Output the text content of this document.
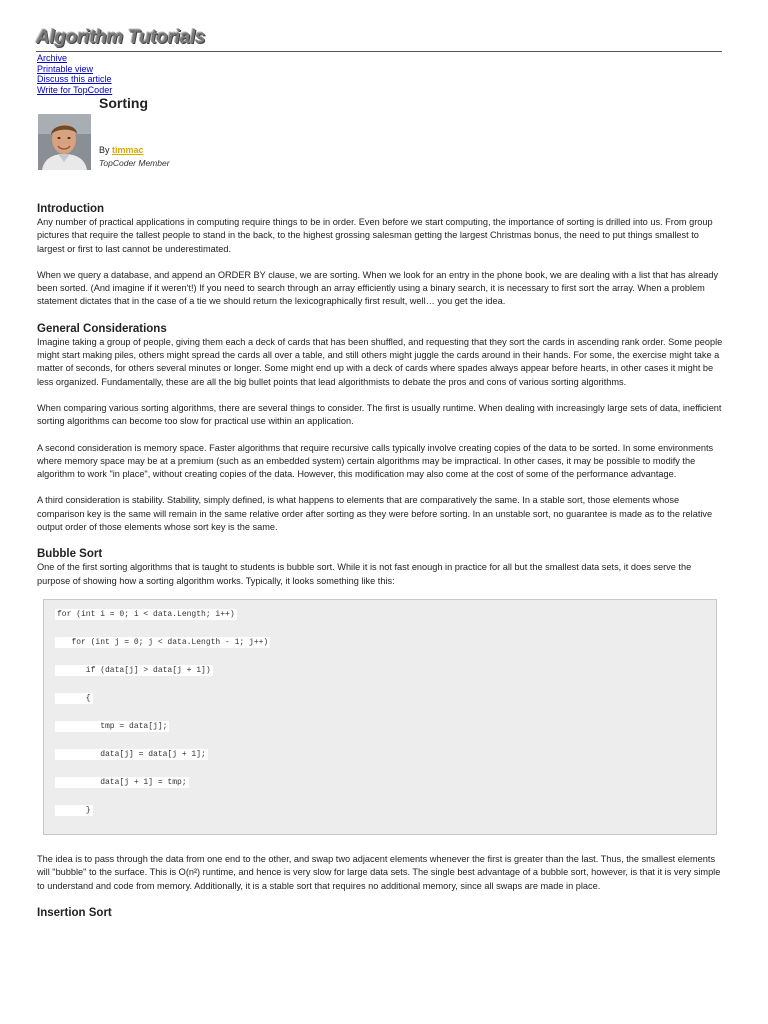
Algorithm Tutorials
Archive
Printable view
Discuss this article
Write for TopCoder
Sorting
By timmac
TopCoder Member
Introduction

Any number of practical applications in computing require things to be in order. Even before we start computing, the importance of sorting is drilled into us. From group pictures that require the tallest people to stand in the back, to the highest grossing salesman getting the largest Christmas bonus, the need to put things smallest to largest or first to last cannot be underestimated.

When we query a database, and append an ORDER BY clause, we are sorting. When we look for an entry in the phone book, we are dealing with a list that has already been sorted. (And imagine if it weren't!) If you need to search through an array efficiently using a binary search, it is necessary to first sort the array. When a problem statement dictates that in the case of a tie we should return the lexicographically first result, well… you get the idea.

General Considerations

Imagine taking a group of people, giving them each a deck of cards that has been shuffled, and requesting that they sort the cards in ascending rank order. Some people might start making piles, others might spread the cards all over a table, and still others might juggle the cards around in their hands. For some, the exercise might take a matter of seconds, for others several minutes or longer. Some might end up with a deck of cards where spades always appear before hearts, in other cases it might be less organized. Fundamentally, these are all the big bullet points that lead algorithmists to debate the pros and cons of various sorting algorithms.

When comparing various sorting algorithms, there are several things to consider. The first is usually runtime. When dealing with increasingly large sets of data, inefficient sorting algorithms can become too slow for practical use within an application.

A second consideration is memory space. Faster algorithms that require recursive calls typically involve creating copies of the data to be sorted. In some environments where memory space may be at a premium (such as an embedded system) certain algorithms may be impractical. In other cases, it may be possible to modify the algorithm to work "in place", without creating copies of the data. However, this modification may also come at the cost of some of the performance advantage.

A third consideration is stability. Stability, simply defined, is what happens to elements that are comparatively the same. In a stable sort, those elements whose comparison key is the same will remain in the same relative order after sorting as they were before sorting. In an unstable sort, no guarantee is made as to the relative output order of those elements whose sort key is the same.

Bubble Sort

One of the first sorting algorithms that is taught to students is bubble sort. While it is not fast enough in practice for all but the smallest data sets, it does serve the purpose of showing how a sorting algorithm works. Typically, it looks something like this:

for (int i = 0; i < data.Length; i++)
for (int j = 0; j < data.Length - 1; j++)
if (data[j] > data[j + 1])
{
tmp = data[j];
data[j] = data[j + 1];
data[j + 1] = tmp;
}

The idea is to pass through the data from one end to the other, and swap two adjacent elements whenever the first is greater than the last. Thus, the smallest elements will "bubble" to the surface. This is O(n²) runtime, and hence is very slow for large data sets. The single best advantage of a bubble sort, however, is that it is very simple to understand and code from memory. Additionally, it is a stable sort that requires no additional memory, since all swaps are made in place.

Insertion Sort
